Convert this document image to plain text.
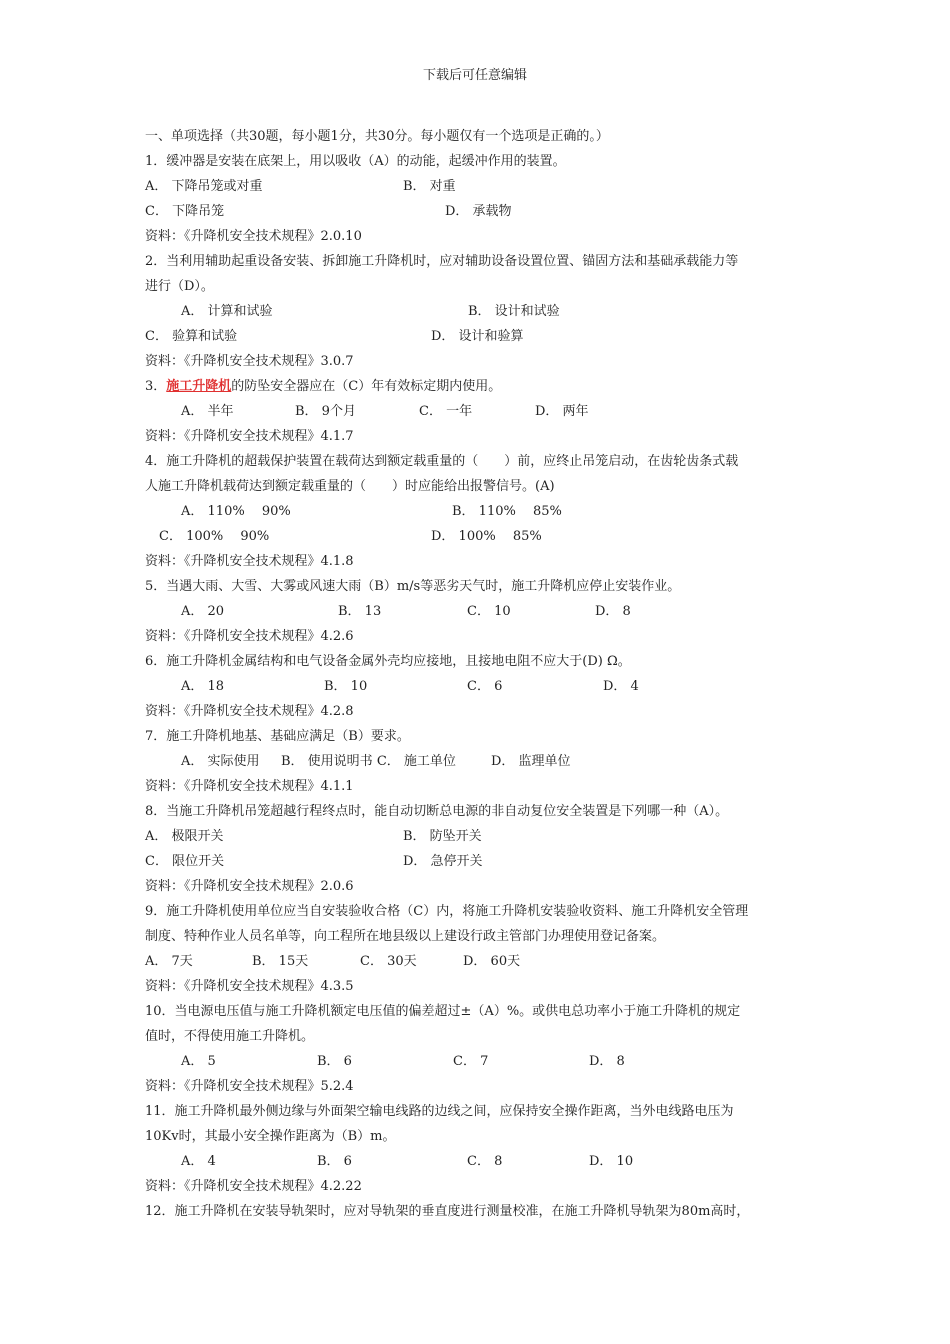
下载后可任意编辑
一、单项选择（共30题，每小题1分，共30分。每小题仅有一个选项是正确的。）
1．缓冲器是安装在底架上，用以吸收（A）的动能，起缓冲作用的装置。
A． 下降吊笼或对重	B． 对重
C． 下降吊笼	D． 承载物
资料：《升降机安全技术规程》2.0.10
2．当利用辅助起重设备安装、拆卸施工升降机时，应对辅助设备设置位置、锚固方法和基础承载能力等
进行（D）。
A． 计算和试验	B． 设计和试验
C． 验算和试验	D． 设计和验算
资料：《升降机安全技术规程》3.0.7
3．施工升降机的防坠安全器应在（C）年有效标定期内使用。
A． 半年	B． 9个月	C． 一年	D． 两年
资料：《升降机安全技术规程》4.1.7
4．施工升降机的超载保护装置在载荷达到额定载重量的（　　）前，应终止吊笼启动，在齿轮齿条式载
人施工升降机载荷达到额定载重量的（　　）时应能给出报警信号。(A)
A． 110%　 90%	B． 110%　 85%
C． 100%　 90%	D． 100%　 85%
资料：《升降机安全技术规程》4.1.8
5．当遇大雨、大雪、大雾或风速大雨（B）m/s等恶劣天气时，施工升降机应停止安装作业。
A． 20	B． 13	C． 10	D． 8
资料：《升降机安全技术规程》4.2.6
6．施工升降机金属结构和电气设备金属外壳均应接地，且接地电阻不应大于(D) Ω。
A． 18	B． 10	C． 6	D． 4
资料：《升降机安全技术规程》4.2.8
7．施工升降机地基、基础应满足（B）要求。
A． 实际使用 B． 使用说明书 C． 施工单位	D． 监理单位
资料：《升降机安全技术规程》4.1.1
8．当施工升降机吊笼超越行程终点时，能自动切断总电源的非自动复位安全装置是下列哪一种（A）。
A． 极限开关	B． 防坠开关
C． 限位开关	D． 急停开关
资料：《升降机安全技术规程》2.0.6
9．施工升降机使用单位应当自安装验收合格（C）内，将施工升降机安装验收资料、施工升降机安全管理
制度、特种作业人员名单等，向工程所在地县级以上建设行政主管部门办理使用登记备案。
A． 7天	B． 15天	C． 30天	D． 60天
资料：《升降机安全技术规程》4.3.5
10．当电源电压值与施工升降机额定电压值的偏差超过±（A）%。或供电总功率小于施工升降机的规定
值时，不得使用施工升降机。
A． 5	B． 6	C． 7	D． 8
资料：《升降机安全技术规程》5.2.4
11．施工升降机最外侧边缘与外面架空输电线路的边线之间，应保持安全操作距离，当外电线路电压为
10Kv时，其最小安全操作距离为（B）m。
A． 4	B． 6	C． 8	D． 10
资料：《升降机安全技术规程》4.2.22
12．施工升降机在安装导轨架时，应对导轨架的垂直度进行测量校准，在施工升降机导轨架为80m高时，
